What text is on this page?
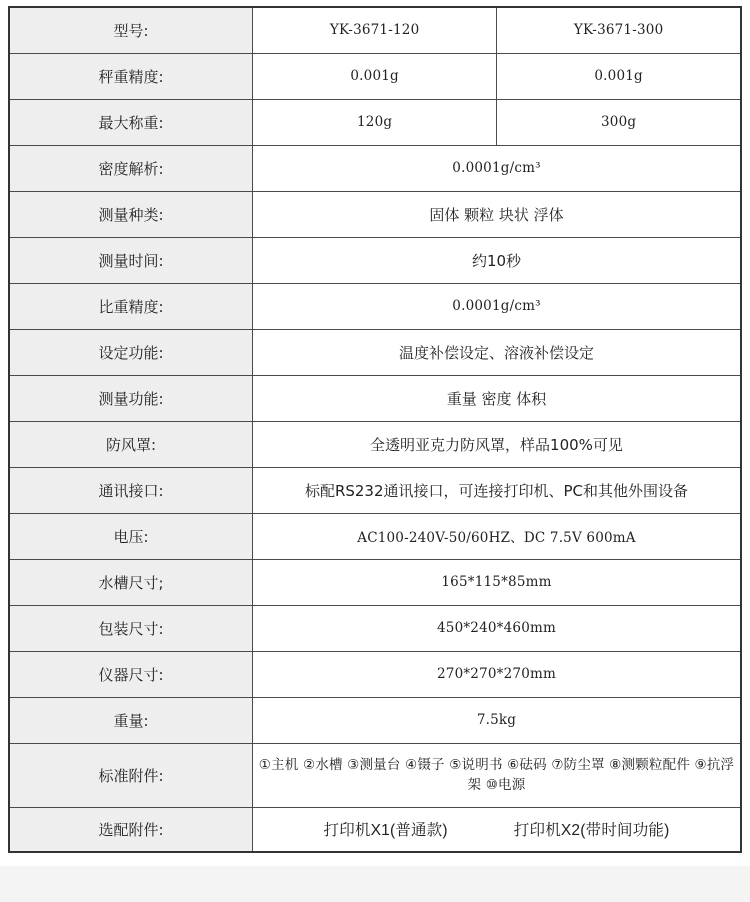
型号:	YK-3671-120	YK-3671-300
秤重精度:	0.001g	0.001g
最大称重:	120g	300g
密度解析:	0.0001g/cm³	
测量种类:	固体 颗粒 块状 浮体	
测量时间:	约10秒	
比重精度:	0.0001g/cm³	
设定功能:	温度补偿设定、溶液补偿设定	
测量功能:	重量 密度 体积	
防风罩:	全透明亚克力防风罩，样品100%可见	
通讯接口:	标配RS232通讯接口，可连接打印机、PC和其他外围设备	
电压:	AC100-240V-50/60HZ、DC 7.5V 600mA	
水槽尺寸;	165*115*85mm	
包装尺寸:	450*240*460mm	
仪器尺寸:	270*270*270mm	
重量:	7.5kg	
标准附件:	①主机 ②水槽 ③测量台 ④镊子 ⑤说明书 ⑥砝码 ⑦防尘罩 ⑧测颗粒配件 ⑨抗浮架 ⑩电源	
选配附件:	打印机X1(普通款) 打印机X2(带时间功能)	
